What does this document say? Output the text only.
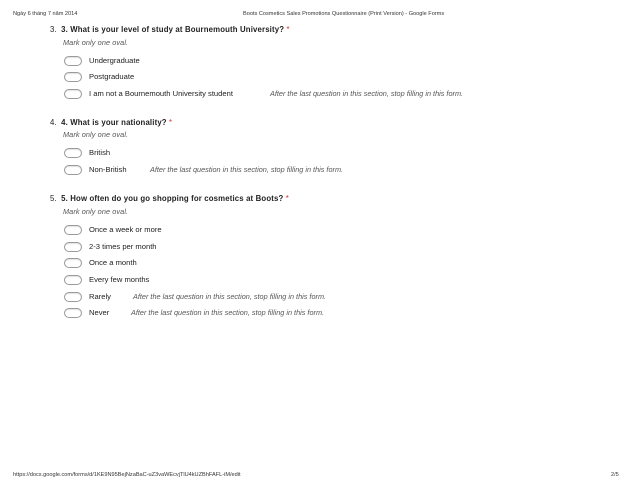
Ngày 6 tháng 7 năm 2014	Boots Cosmetics Sales Promotions Questionnaire (Print Version) - Google Forms
3. 3. What is your level of study at Bournemouth University? *
Mark only one oval.
Undergraduate
Postgraduate
I am not a Bournemouth University student	After the last question in this section, stop filling in this form.
4. 4. What is your nationality? *
Mark only one oval.
British
Non-British	After the last question in this section, stop filling in this form.
5. 5. How often do you go shopping for cosmetics at Boots? *
Mark only one oval.
Once a week or more
2-3 times per month
Once a month
Every few months
Rarely	After the last question in this section, stop filling in this form.
Never	After the last question in this section, stop filling in this form.
https://docs.google.com/forms/d/1KE9N95BejNzaBaC-uZ3vaWEcvjTlU4kUZBhFAFL-iM/edit	2/5
